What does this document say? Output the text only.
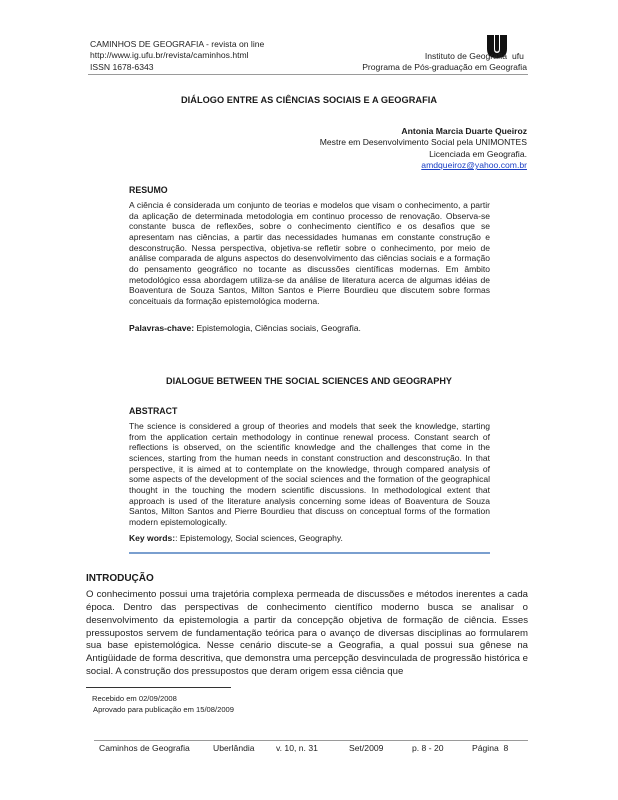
CAMINHOS DE GEOGRAFIA - revista on line
http://www.ig.ufu.br/revista/caminhos.html
ISSN 1678-6343
ufu
Instituto de Geografia
Programa de Pós-graduação em Geografia
DIÁLOGO ENTRE AS CIÊNCIAS SOCIAIS E A GEOGRAFIA
Antonia Marcia Duarte Queiroz
Mestre em Desenvolvimento Social pela UNIMONTES
Licenciada em Geografia.
amdqueiroz@yahoo.com.br
RESUMO
A ciência é considerada um conjunto de teorias e modelos que visam o conhecimento, a partir da aplicação de determinada metodologia em continuo processo de renovação. Observa-se constante busca de reflexões, sobre o conhecimento científico e os desafios que se apresentam nas ciências, a partir das necessidades humanas em constante construção e desconstrução. Nessa perspectiva, objetiva-se refletir sobre o conhecimento, por meio de análise comparada de alguns aspectos do desenvolvimento das ciências sociais e a formação do pensamento geográfico no tocante as discussões científicas modernas. Em âmbito metodológico essa abordagem utiliza-se da análise de literatura acerca de algumas idéias de Boaventura de Souza Santos, Milton Santos e Pierre Bourdieu que discutem sobre formas conceituais da formação epistemológica moderna.
Palavras-chave: Epistemologia, Ciências sociais, Geografia.
DIALOGUE BETWEEN THE SOCIAL SCIENCES AND GEOGRAPHY
ABSTRACT
The science is considered a group of theories and models that seek the knowledge, starting from the application certain methodology in continue renewal process. Constant search of reflections is observed, on the scientific knowledge and the challenges that come in the sciences, starting from the human needs in constant construction and desconstrução. In that perspective, it is aimed at to contemplate on the knowledge, through compared analysis of some aspects of the development of the social sciences and the formation of the geographical thought in the touching the modern scientific discussions. In methodological extent that approach is used of the literature analysis concerning some ideas of Boaventura de Souza Santos, Milton Santos and Pierre Bourdieu that discuss on conceptual forms of the formation modern epistemologically.
Key words:: Epistemology, Social sciences, Geography.
INTRODUÇÃO
O conhecimento possui uma trajetória complexa permeada de discussões e métodos inerentes a cada época. Dentro das perspectivas de conhecimento científico moderno busca se analisar o desenvolvimento da epistemologia a partir da concepção objetiva de formação de ciência. Esses pressupostos servem de fundamentação teórica para o avanço de diversas disciplinas ao formularem sua base epistemológica. Nesse cenário discute-se a Geografia, a qual possui sua gênese na Antigüidade de forma descritiva, que demonstra uma percepção desvinculada de progressão histórica e social. A construção dos pressupostos que deram origem essa ciência que
Recebido em 02/09/2008
Aprovado para publicação em 15/08/2009
Caminhos de Geografia	Uberlândia v. 10, n. 31	Set/2009	p. 8 - 20	Página 8
